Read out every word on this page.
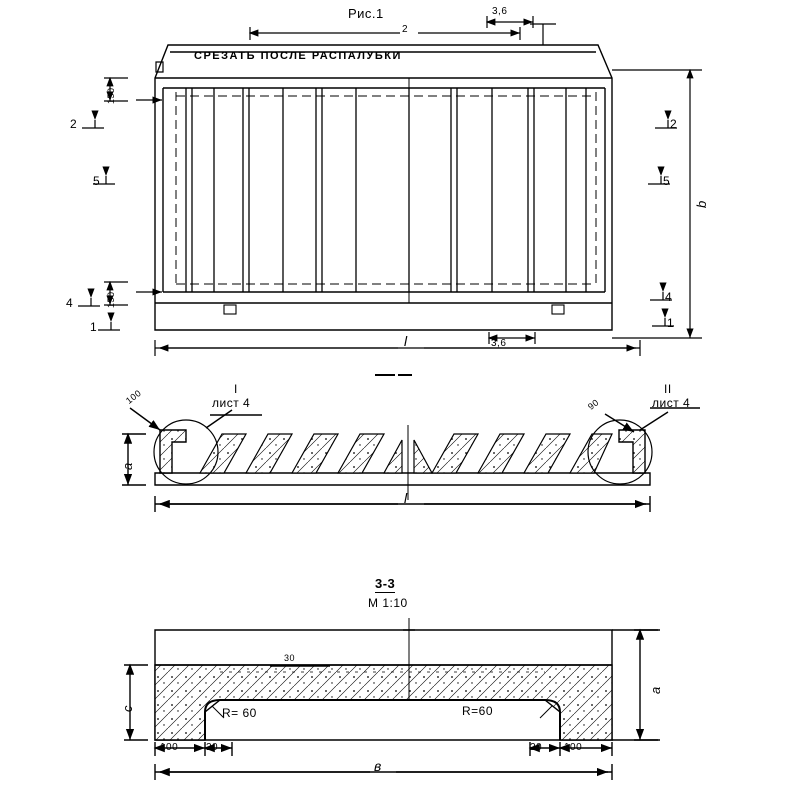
Рис.1
2
3,6
СРЕЗАТЬ ПОСЛЕ РАСПАЛУБКИ
2
5
4
1
2
5
4
1
150
150
l	3,6
b
I
лист 4
II
лист 4
100	90
a
l
3-3
М 1:10
30
R= 60	R=60
c
a
100	20	20 100
в
